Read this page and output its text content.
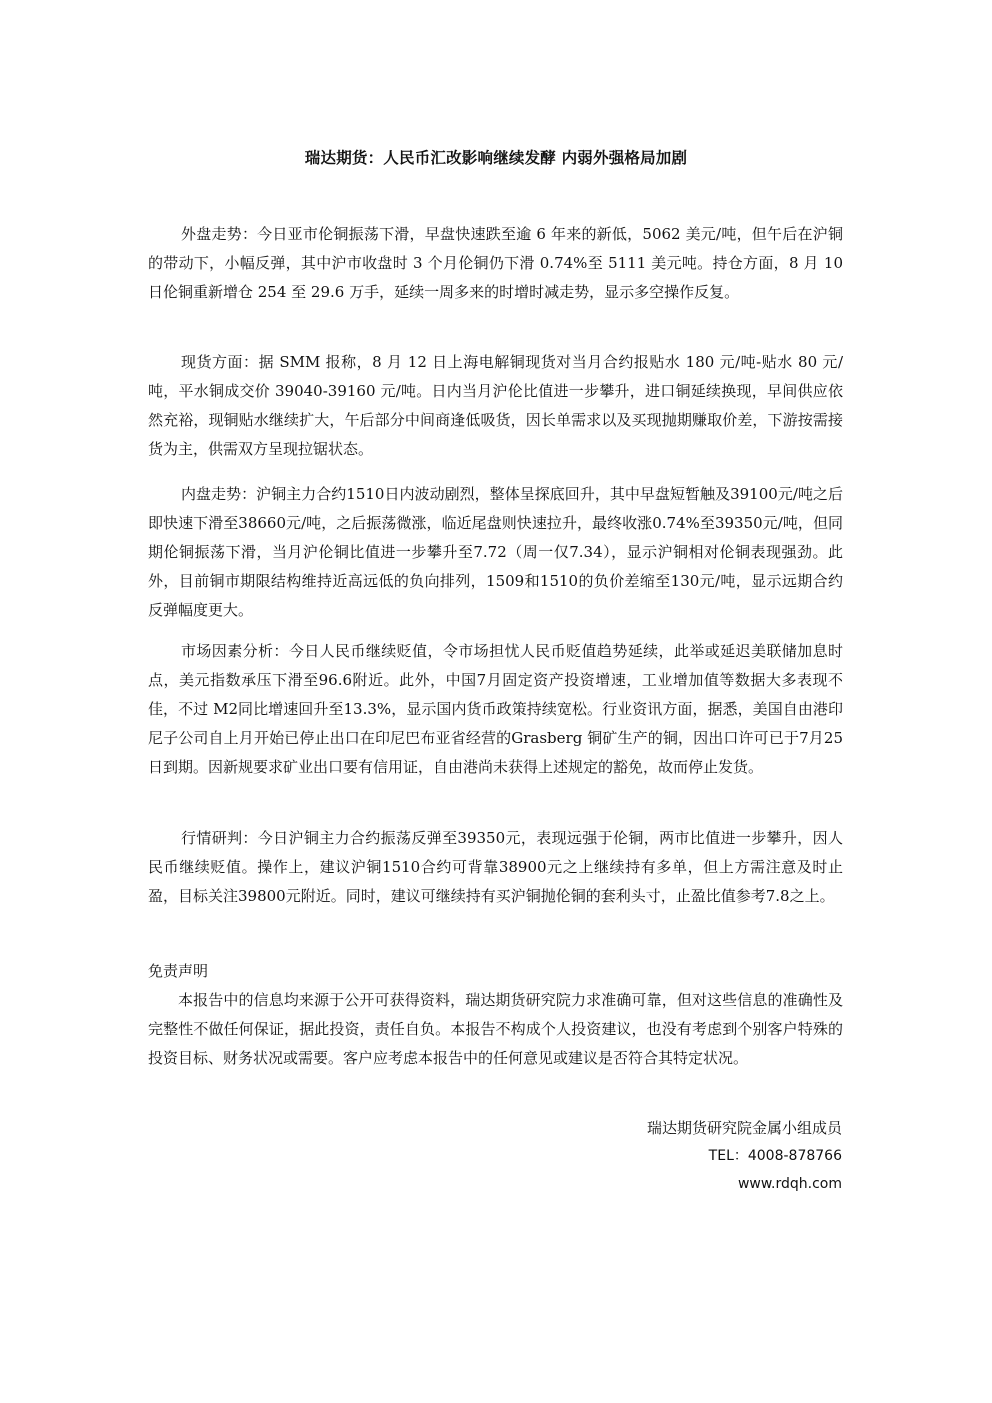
瑞达期货：人民币汇改影响继续发酵 内弱外强格局加剧

外盘走势：今日亚市伦铜振荡下滑，早盘快速跌至逾 6 年来的新低，5062 美元/吨，但午后在沪铜的带动下，小幅反弹，其中沪市收盘时 3 个月伦铜仍下滑 0.74%至 5111 美元吨。持仓方面，8 月 10 日伦铜重新增仓 254 至 29.6 万手，延续一周多来的时增时减走势，显示多空操作反复。

现货方面：据 SMM 报称，8 月 12 日上海电解铜现货对当月合约报贴水 180 元/吨-贴水 80 元/吨，平水铜成交价 39040-39160 元/吨。日内当月沪伦比值进一步攀升，进口铜延续换现，早间供应依然充裕，现铜贴水继续扩大，午后部分中间商逢低吸货，因长单需求以及买现抛期赚取价差，下游按需接货为主，供需双方呈现拉锯状态。

内盘走势：沪铜主力合约1510日内波动剧烈，整体呈探底回升，其中早盘短暂触及39100元/吨之后即快速下滑至38660元/吨，之后振荡微涨，临近尾盘则快速拉升，最终收涨0.74%至39350元/吨，但同期伦铜振荡下滑，当月沪伦铜比值进一步攀升至7.72（周一仅7.34），显示沪铜相对伦铜表现强劲。此外，目前铜市期限结构维持近高远低的负向排列，1509和1510的负价差缩至130元/吨，显示远期合约反弹幅度更大。

市场因素分析：今日人民币继续贬值，令市场担忧人民币贬值趋势延续，此举或延迟美联储加息时点，美元指数承压下滑至96.6附近。此外，中国7月固定资产投资增速，工业增加值等数据大多表现不佳，不过 M2同比增速回升至13.3%，显示国内货币政策持续宽松。行业资讯方面，据悉，美国自由港印尼子公司自上月开始已停止出口在印尼巴布亚省经营的Grasberg 铜矿生产的铜，因出口许可已于7月25日到期。因新规要求矿业出口要有信用证，自由港尚未获得上述规定的豁免，故而停止发货。

行情研判：今日沪铜主力合约振荡反弹至39350元，表现远强于伦铜，两市比值进一步攀升，因人民币继续贬值。操作上，建议沪铜1510合约可背靠38900元之上继续持有多单，但上方需注意及时止盈，目标关注39800元附近。同时，建议可继续持有买沪铜抛伦铜的套利头寸，止盈比值参考7.8之上。

免责声明

本报告中的信息均来源于公开可获得资料，瑞达期货研究院力求准确可靠，但对这些信息的准确性及完整性不做任何保证，据此投资，责任自负。本报告不构成个人投资建议，也没有考虑到个别客户特殊的投资目标、财务状况或需要。客户应考虑本报告中的任何意见或建议是否符合其特定状况。

瑞达期货研究院金属小组成员
TEL：4008-878766
www.rdqh.com
